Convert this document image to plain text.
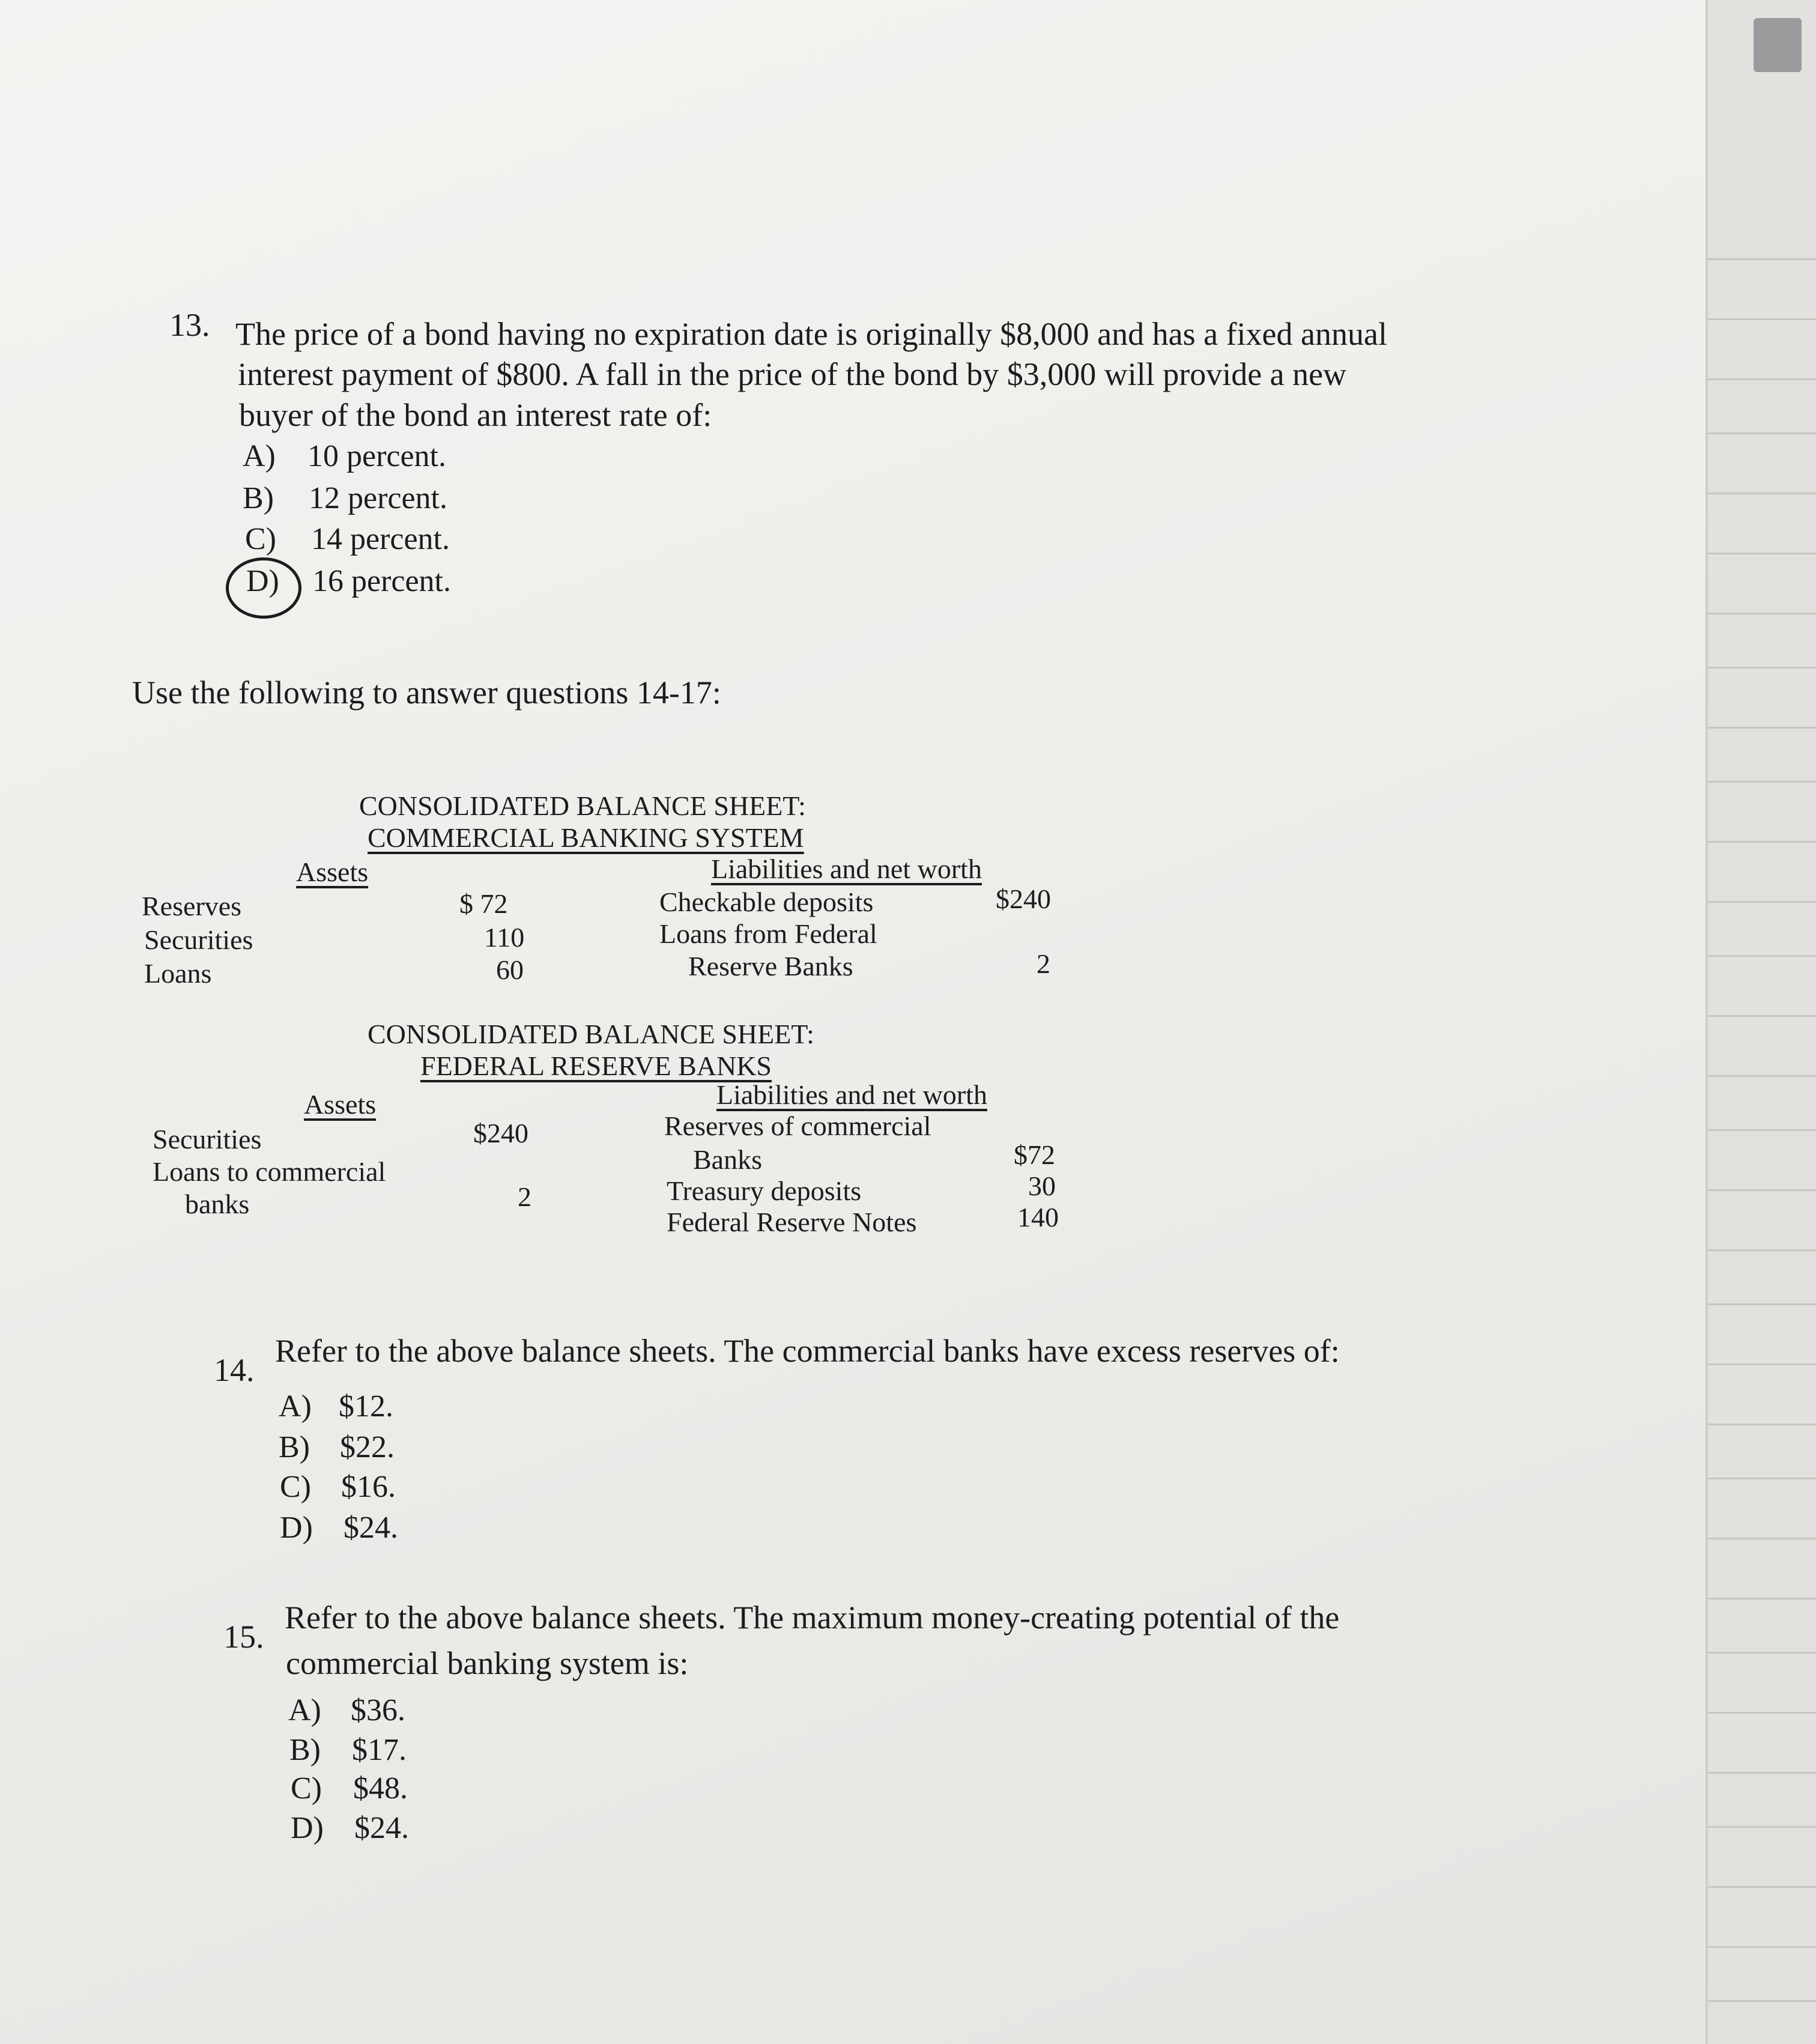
13. The price of a bond having no expiration date is originally $8,000 and has a fixed annual
interest payment of $800. A fall in the price of the bond by $3,000 will provide a new
buyer of the bond an interest rate of:
A) 10 percent.
B) 12 percent.
C) 14 percent.
D) 16 percent.
Use the following to answer questions 14-17:
CONSOLIDATED BALANCE SHEET:
COMMERCIAL BANKING SYSTEM
Assets	Liabilities and net worth
Reserves	$ 72
Securities	110
Loans	60
Checkable deposits	$240
Loans from Federal
Reserve Banks	2
CONSOLIDATED BALANCE SHEET:
FEDERAL RESERVE BANKS
Assets	Liabilities and net worth
Securities	$240
Loans to commercial
banks	2
Reserves of commercial
Banks	$72
Treasury deposits	30
Federal Reserve Notes	140
14.
Refer to the above balance sheets. The commercial banks have excess reserves of:
A) $12.
B) $22.
C) $16.
D) $24.
15.
Refer to the above balance sheets. The maximum money-creating potential of the
commercial banking system is:
A) $36.
B) $17.
C) $48.
D) $24.
